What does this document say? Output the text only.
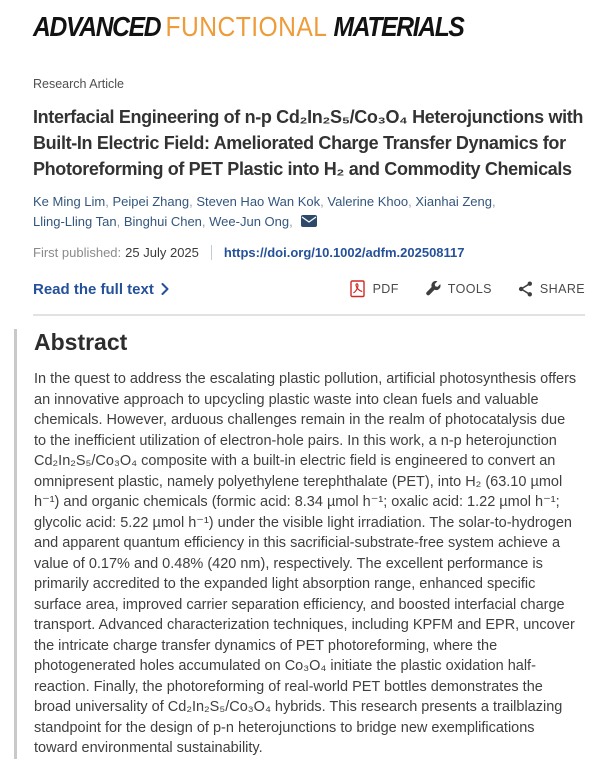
ADVANCED FUNCTIONAL MATERIALS
Research Article
Interfacial Engineering of n-p Cd₂In₂S₅/Co₃O₄ Heterojunctions with Built-In Electric Field: Ameliorated Charge Transfer Dynamics for Photoreforming of PET Plastic into H₂ and Commodity Chemicals
Ke Ming Lim , Peipei Zhang , Steven Hao Wan Kok , Valerine Khoo , Xianhai Zeng , Lling-Lling Tan , Binghui Chen , Wee-Jun Ong ,
First published: 25 July 2025 https://doi.org/10.1002/adfm.202508117
Read the full text	PDF	TOOLS	SHARE
Abstract

In the quest to address the escalating plastic pollution, artificial photosynthesis offers an innovative approach to upcycling plastic waste into clean fuels and valuable chemicals. However, arduous challenges remain in the realm of photocatalysis due to the inefficient utilization of electron-hole pairs. In this work, a n-p heterojunction Cd₂In₂S₅/Co₃O₄ composite with a built-in electric field is engineered to convert an omnipresent plastic, namely polyethylene terephthalate (PET), into H₂ (63.10 µmol h⁻¹) and organic chemicals (formic acid: 8.34 µmol h⁻¹; oxalic acid: 1.22 µmol h⁻¹; glycolic acid: 5.22 µmol h⁻¹) under the visible light irradiation. The solar-to-hydrogen and apparent quantum efficiency in this sacrificial-substrate-free system achieve a value of 0.17% and 0.48% (420 nm), respectively. The excellent performance is primarily accredited to the expanded light absorption range, enhanced specific surface area, improved carrier separation efficiency, and boosted interfacial charge transport. Advanced characterization techniques, including KPFM and EPR, uncover the intricate charge transfer dynamics of PET photoreforming, where the photogenerated holes accumulated on Co₃O₄ initiate the plastic oxidation half-reaction. Finally, the photoreforming of real-world PET bottles demonstrates the broad universality of Cd₂In₂S₅/Co₃O₄ hybrids. This research presents a trailblazing standpoint for the design of p-n heterojunctions to bridge new exemplifications toward environmental sustainability.
